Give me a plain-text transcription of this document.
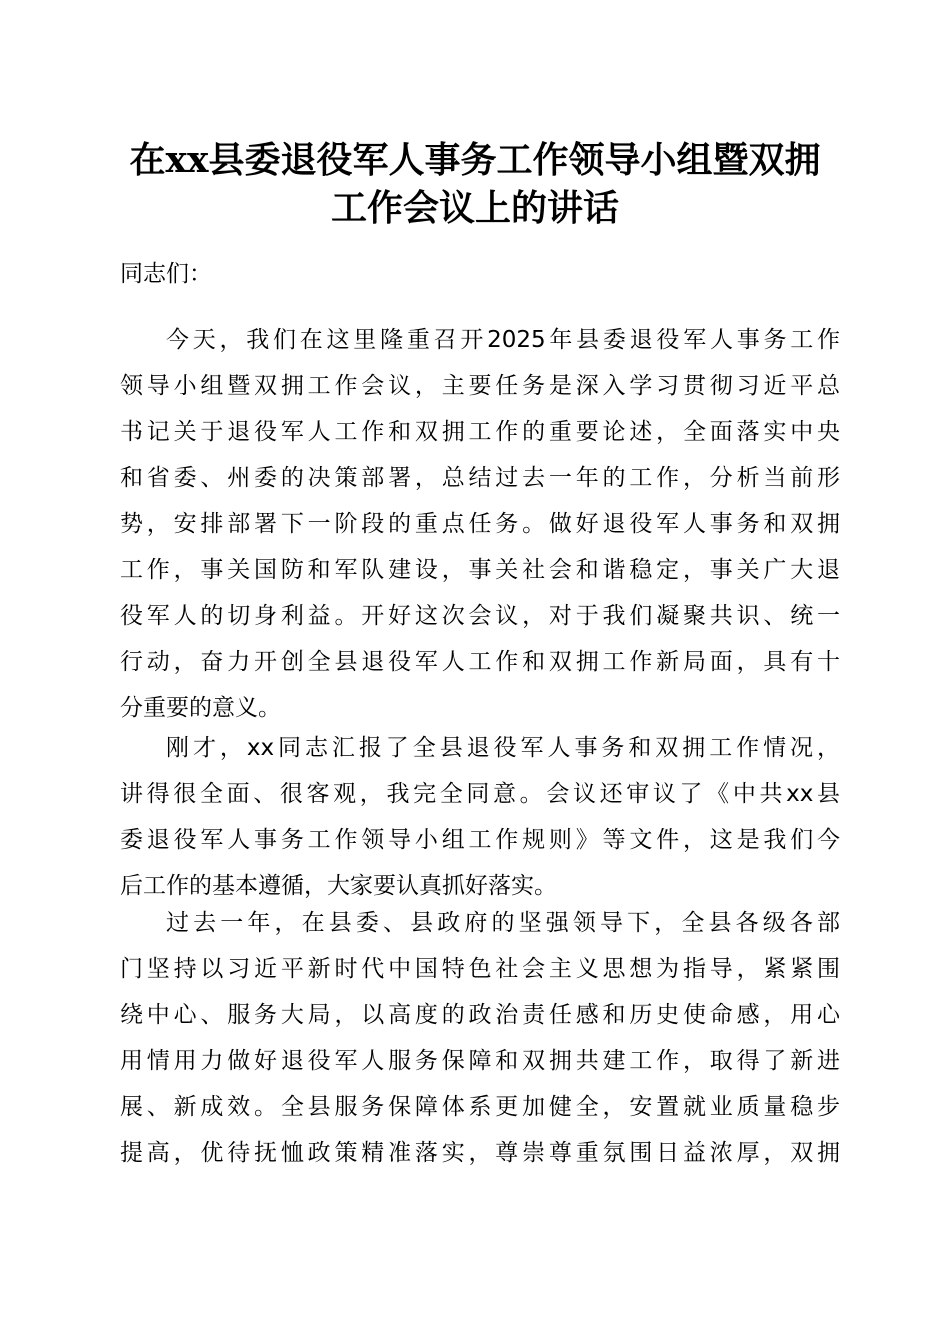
在xx县委退役军人事务工作领导小组暨双拥
工作会议上的讲话
同志们：
今天，我们在这里隆重召开2025年县委退役军人事务工作
领导小组暨双拥工作会议，主要任务是深入学习贯彻习近平总
书记关于退役军人工作和双拥工作的重要论述，全面落实中央
和省委、州委的决策部署，总结过去一年的工作，分析当前形
势，安排部署下一阶段的重点任务。做好退役军人事务和双拥
工作，事关国防和军队建设，事关社会和谐稳定，事关广大退
役军人的切身利益。开好这次会议，对于我们凝聚共识、统一
行动，奋力开创全县退役军人工作和双拥工作新局面，具有十
分重要的意义。
刚才，xx同志汇报了全县退役军人事务和双拥工作情况，
讲得很全面、很客观，我完全同意。会议还审议了《中共xx县
委退役军人事务工作领导小组工作规则》等文件，这是我们今
后工作的基本遵循，大家要认真抓好落实。
过去一年，在县委、县政府的坚强领导下，全县各级各部
门坚持以习近平新时代中国特色社会主义思想为指导，紧紧围
绕中心、服务大局，以高度的政治责任感和历史使命感，用心
用情用力做好退役军人服务保障和双拥共建工作，取得了新进
展、新成效。全县服务保障体系更加健全，安置就业质量稳步
提高，优待抚恤政策精准落实，尊崇尊重氛围日益浓厚，双拥
